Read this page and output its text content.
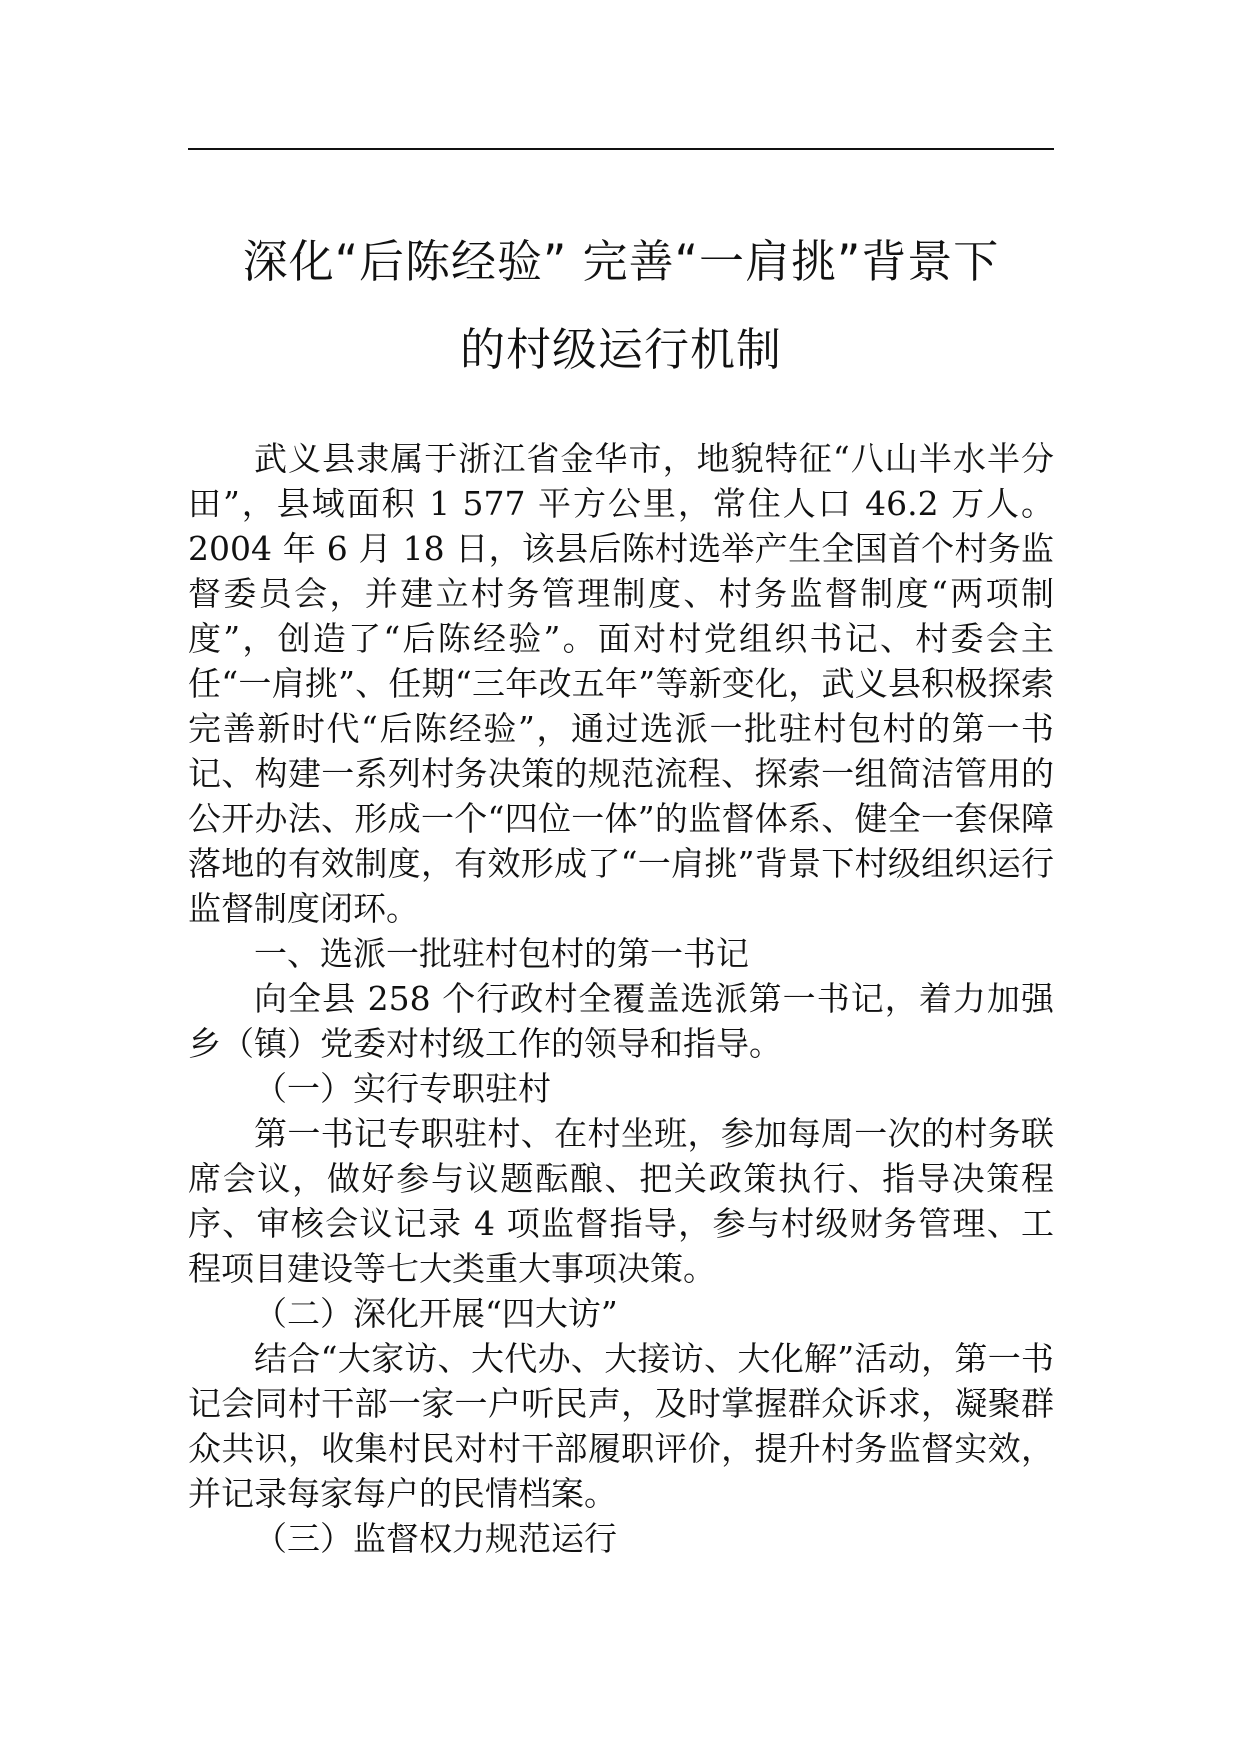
深化“后陈经验” 完善“一肩挑”背景下
的村级运行机制

武义县隶属于浙江省金华市，地貌特征“八山半水半分田”，县域面积 1 577 平方公里，常住人口 46.2 万人。2004 年 6 月 18 日，该县后陈村选举产生全国首个村务监督委员会，并建立村务管理制度、村务监督制度“两项制度”，创造了“后陈经验”。面对村党组织书记、村委会主任“一肩挑”、任期“三年改五年”等新变化，武义县积极探索完善新时代“后陈经验”，通过选派一批驻村包村的第一书记、构建一系列村务决策的规范流程、探索一组简洁管用的公开办法、形成一个“四位一体”的监督体系、健全一套保障落地的有效制度，有效形成了“一肩挑”背景下村级组织运行监督制度闭环。

一、选派一批驻村包村的第一书记

向全县 258 个行政村全覆盖选派第一书记，着力加强乡（镇）党委对村级工作的领导和指导。

（一）实行专职驻村

第一书记专职驻村、在村坐班，参加每周一次的村务联席会议，做好参与议题酝酿、把关政策执行、指导决策程序、审核会议记录 4 项监督指导，参与村级财务管理、工程项目建设等七大类重大事项决策。

（二）深化开展“四大访”

结合“大家访、大代办、大接访、大化解”活动，第一书记会同村干部一家一户听民声，及时掌握群众诉求，凝聚群众共识，收集村民对村干部履职评价，提升村务监督实效，并记录每家每户的民情档案。

（三）监督权力规范运行
